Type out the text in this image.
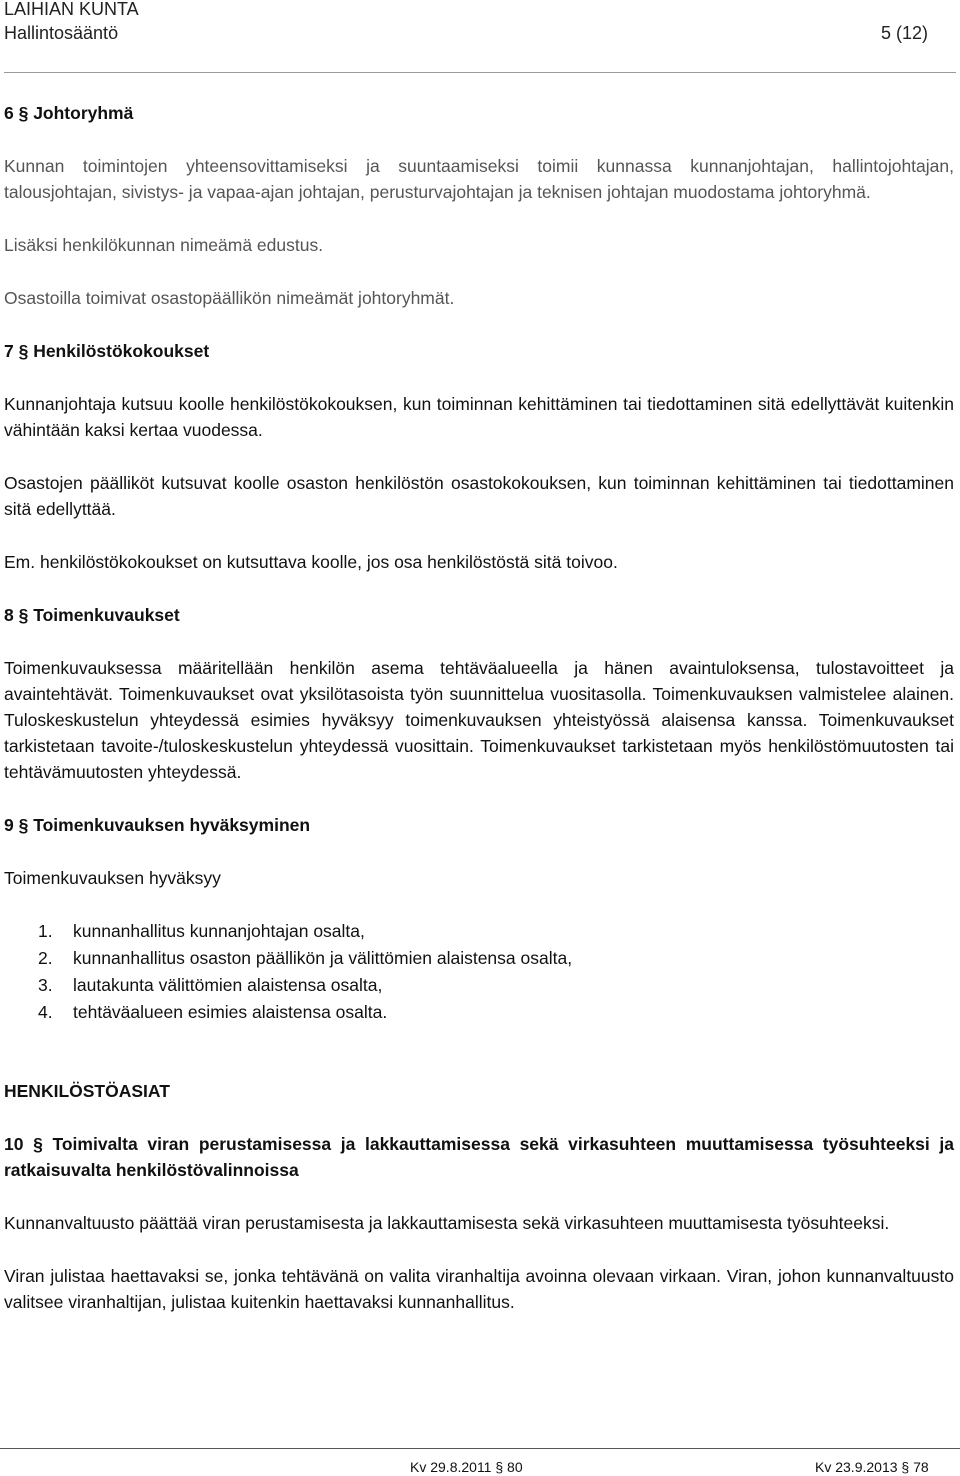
LAIHIAN KUNTA
Hallintosääntö	5 (12)
6 § Johtoryhmä

Kunnan toimintojen yhteensovittamiseksi ja suuntaamiseksi toimii kunnassa kunnanjohtajan, hallintojohtajan, talousjohtajan, sivistys- ja vapaa-ajan johtajan, perusturvajohtajan ja teknisen johtajan muodostama johtoryhmä.

Lisäksi henkilökunnan nimeämä edustus.

Osastoilla toimivat osastopäällikön nimeämät johtoryhmät.

7 § Henkilöstökokoukset

Kunnanjohtaja kutsuu koolle henkilöstökokouksen, kun toiminnan kehittäminen tai tiedottaminen sitä edellyttävät kuitenkin vähintään kaksi kertaa vuodessa.

Osastojen päälliköt kutsuvat koolle osaston henkilöstön osastokokouksen, kun toiminnan kehittäminen tai tiedottaminen sitä edellyttää.

Em. henkilöstökokoukset on kutsuttava koolle, jos osa henkilöstöstä sitä toivoo.

8 § Toimenkuvaukset

Toimenkuvauksessa määritellään henkilön asema tehtäväalueella ja hänen avaintuloksensa, tulostavoitteet ja avaintehtävät. Toimenkuvaukset ovat yksilötasoista työn suunnittelua vuositasolla. Toimenkuvauksen valmistelee alainen. Tuloskeskustelun yhteydessä esimies hyväksyy toimenkuvauksen yhteistyössä alaisensa kanssa. Toimenkuvaukset tarkistetaan tavoite-/tuloskeskustelun yhteydessä vuosittain. Toimenkuvaukset tarkistetaan myös henkilöstömuutosten tai tehtävämuutosten yhteydessä.

9 § Toimenkuvauksen hyväksyminen

Toimenkuvauksen hyväksyy

1.	kunnanhallitus kunnanjohtajan osalta,
2.	kunnanhallitus osaston päällikön ja välittömien alaistensa osalta,
3.	lautakunta välittömien alaistensa osalta,
4.	tehtäväalueen esimies alaistensa osalta.
HENKILÖSTÖASIAT
10 § Toimivalta viran perustamisessa ja lakkauttamisessa sekä virkasuhteen muuttamisessa työsuhteeksi ja ratkaisuvalta henkilöstövalinnoissa

Kunnanvaltuusto päättää viran perustamisesta ja lakkauttamisesta sekä virkasuhteen muuttamisesta työsuhteeksi.

Viran julistaa haettavaksi se, jonka tehtävänä on valita viranhaltija avoinna olevaan virkaan. Viran, johon kunnanvaltuusto valitsee viranhaltijan, julistaa kuitenkin haettavaksi kunnanhallitus.

Kv 29.8.2011 § 80	Kv 23.9.2013 § 78
